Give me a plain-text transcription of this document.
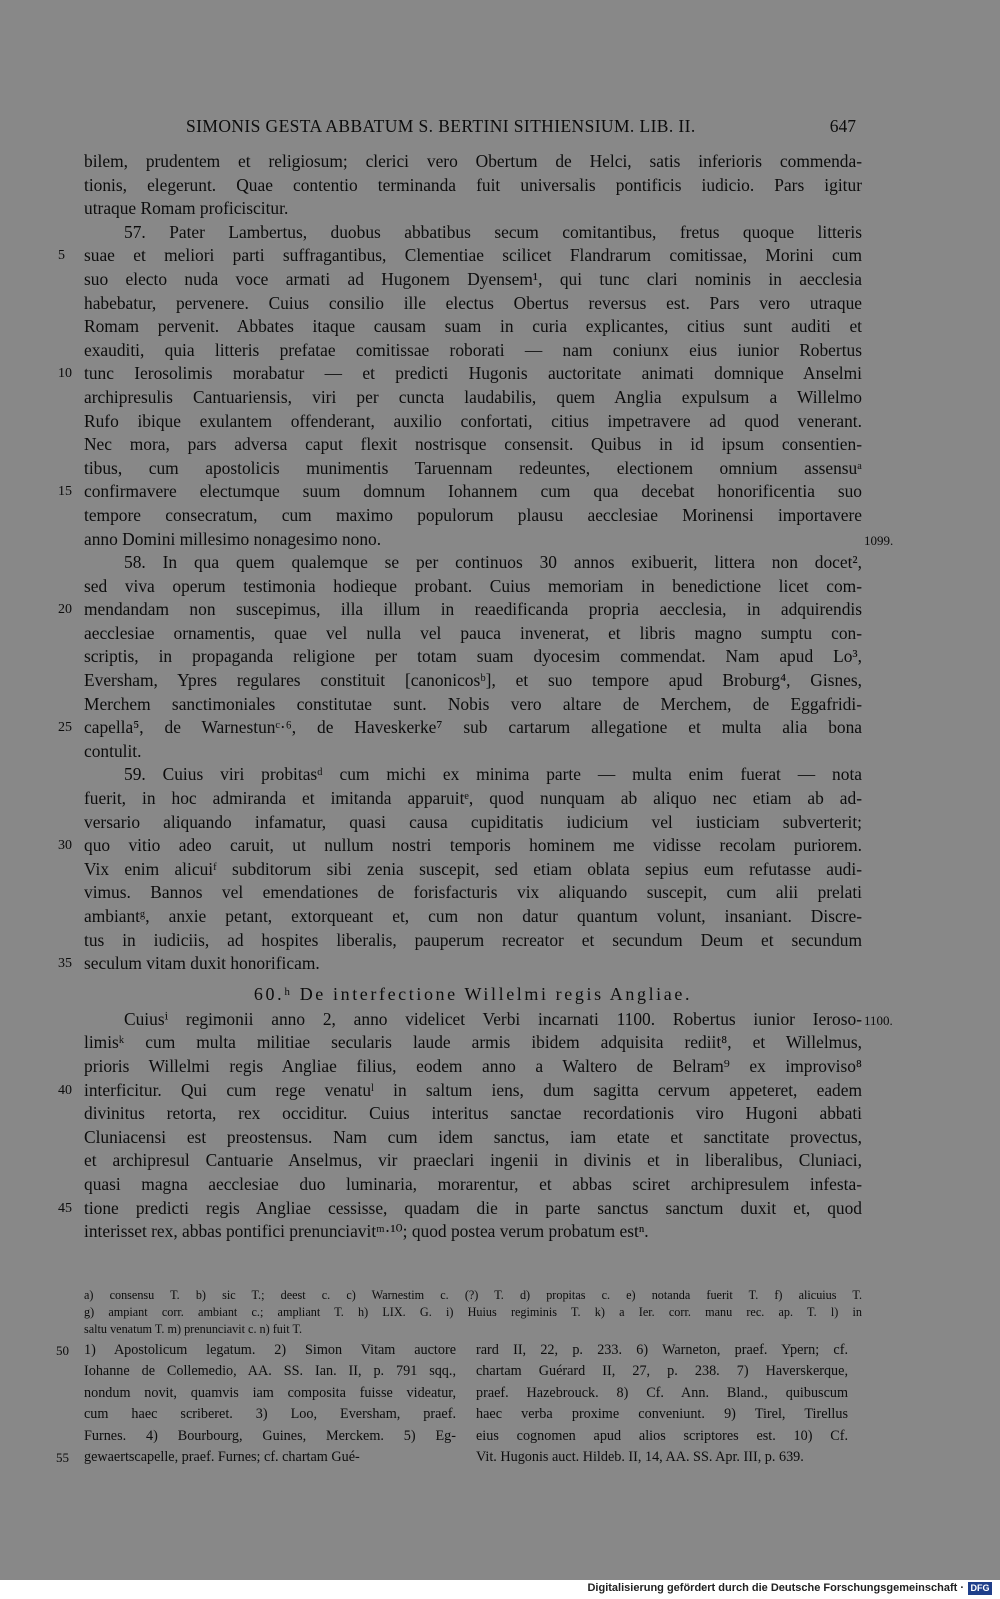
SIMONIS GESTA ABBATUM S. BERTINI SITHIENSIUM. LIB. II.	647
bilem, prudentem et religiosum; clerici vero Obertum de Helci, satis inferioris commenda-
tionis, elegerunt. Quae contentio terminanda fuit universalis pontificis iudicio. Pars igitur
utraque Romam proficiscitur.
57. Pater Lambertus, duobus abbatibus secum comitantibus, fretus quoque litteris
suae et meliori parti suffragantibus, Clementiae scilicet Flandrarum comitissae, Morini cum
5
suo electo nuda voce armati ad Hugonem Dyensem¹, qui tunc clari nominis in aecclesia
habebatur, pervenere. Cuius consilio ille electus Obertus reversus est. Pars vero utraque
Romam pervenit. Abbates itaque causam suam in curia explicantes, citius sunt auditi et
exauditi, quia litteris prefatae comitissae roborati — nam coniunx eius iunior Robertus
tunc Ierosolimis morabatur — et predicti Hugonis auctoritate animati domnique Anselmi
10
archipresulis Cantuariensis, viri per cuncta laudabilis, quem Anglia expulsum a Willelmo
Rufo ibique exulantem offenderant, auxilio confortati, citius impetravere ad quod venerant.
Nec mora, pars adversa caput flexit nostrisque consensit. Quibus in id ipsum consentien-
tibus, cum apostolicis munimentis Taruennam redeuntes, electionem omnium assensuᵃ
confirmavere electumque suum domnum Iohannem cum qua decebat honorificentia suo
15
tempore consecratum, cum maximo populorum plausu aecclesiae Morinensi importavere
anno Domini millesimo nonagesimo nono.	1099.
58. In qua quem qualemque se per continuos 30 annos exibuerit, littera non docet²,
sed viva operum testimonia hodieque probant. Cuius memoriam in benedictione licet com-
mendandam non suscepimus, illa illum in reaedificanda propria aecclesia, in adquirendis
20
aecclesiae ornamentis, quae vel nulla vel pauca invenerat, et libris magno sumptu con-
scriptis, in propaganda religione per totam suam dyocesim commendat. Nam apud Lo³,
Eversham, Ypres regulares constituit [canonicosᵇ], et suo tempore apud Broburg⁴, Gisnes,
Merchem sanctimoniales constitutae sunt. Nobis vero altare de Merchem, de Eggafridi-
capella⁵, de Warnestunᶜ·⁶, de Haveskerke⁷ sub cartarum allegatione et multa alia bona
25
contulit.
59. Cuius viri probitasᵈ cum michi ex minima parte — multa enim fuerat — nota
fuerit, in hoc admiranda et imitanda apparuitᵉ, quod nunquam ab aliquo nec etiam ab ad-
versario aliquando infamatur, quasi causa cupiditatis iudicium vel iusticiam subverterit;
quo vitio adeo caruit, ut nullum nostri temporis hominem me vidisse recolam puriorem.
30
Vix enim alicuiᶠ subditorum sibi zenia suscepit, sed etiam oblata sepius eum refutasse audi-
vimus. Bannos vel emendationes de forisfacturis vix aliquando suscepit, cum alii prelati
ambiantᵍ, anxie petant, extorqueant et, cum non datur quantum volunt, insaniant. Discre-
tus in iudiciis, ad hospites liberalis, pauperum recreator et secundum Deum et secundum
seculum vitam duxit honorificam.
35
60.ʰ De interfectione Willelmi regis Angliae.
Cuiusⁱ regimonii anno 2, anno videlicet Verbi incarnati 1100. Robertus iunior Ieroso- 1100.
limisᵏ cum multa militiae secularis laude armis ibidem adquisita rediit⁸, et Willelmus,
prioris Willelmi regis Angliae filius, eodem anno a Waltero de Belram⁹ ex improviso⁸
interficitur. Qui cum rege venatuˡ in saltum iens, dum sagitta cervum appeteret, eadem
40
divinitus retorta, rex occiditur. Cuius interitus sanctae recordationis viro Hugoni abbati
Cluniacensi est preostensus. Nam cum idem sanctus, iam etate et sanctitate provectus,
et archipresul Cantuarie Anselmus, vir praeclari ingenii in divinis et in liberalibus, Cluniaci,
quasi magna aecclesiae duo luminaria, morarentur, et abbas sciret archipresulem infesta-
tione predicti regis Angliae cessisse, quadam die in parte sanctus sanctum duxit et, quod
45
interisset rex, abbas pontifici prenunciavitᵐ·¹⁰; quod postea verum probatum estⁿ.
a) consensu T. b) sic T.; deest c. c) Warnestim c. (?) T. d) propitas c. e) notanda fuerit T. f) alicuius T.
g) ampiant corr. ambiant c.; ampliant T. h) LIX. G. i) Huius regiminis T. k) a Ier. corr. manu rec. ap. T. l) in
saltu venatum T. m) prenunciavit c. n) fuit T.
1) Apostolicum legatum. 2) Simon Vitam auctore
50
Iohanne de Collemedio, AA. SS. Ian. II, p. 791 sqq.,
nondum novit, quamvis iam composita fuisse videatur,
cum haec scriberet. 3) Loo, Eversham, praef.
Furnes. 4) Bourbourg, Guines, Merckem. 5) Eg-
gewaertscapelle, praef. Furnes; cf. chartam Gué-
55
rard II, 22, p. 233. 6) Warneton, praef. Ypern; cf.
chartam Guérard II, 27, p. 238. 7) Haverskerque,
praef. Hazebrouck. 8) Cf. Ann. Bland., quibuscum
haec verba proxime conveniunt. 9) Tirel, Tirellus
eius cognomen apud alios scriptores est. 10) Cf.
Vit. Hugonis auct. Hildeb. II, 14, AA. SS. Apr. III, p. 639.
Digitalisierung gefördert durch die Deutsche Forschungsgemeinschaft · DFG
